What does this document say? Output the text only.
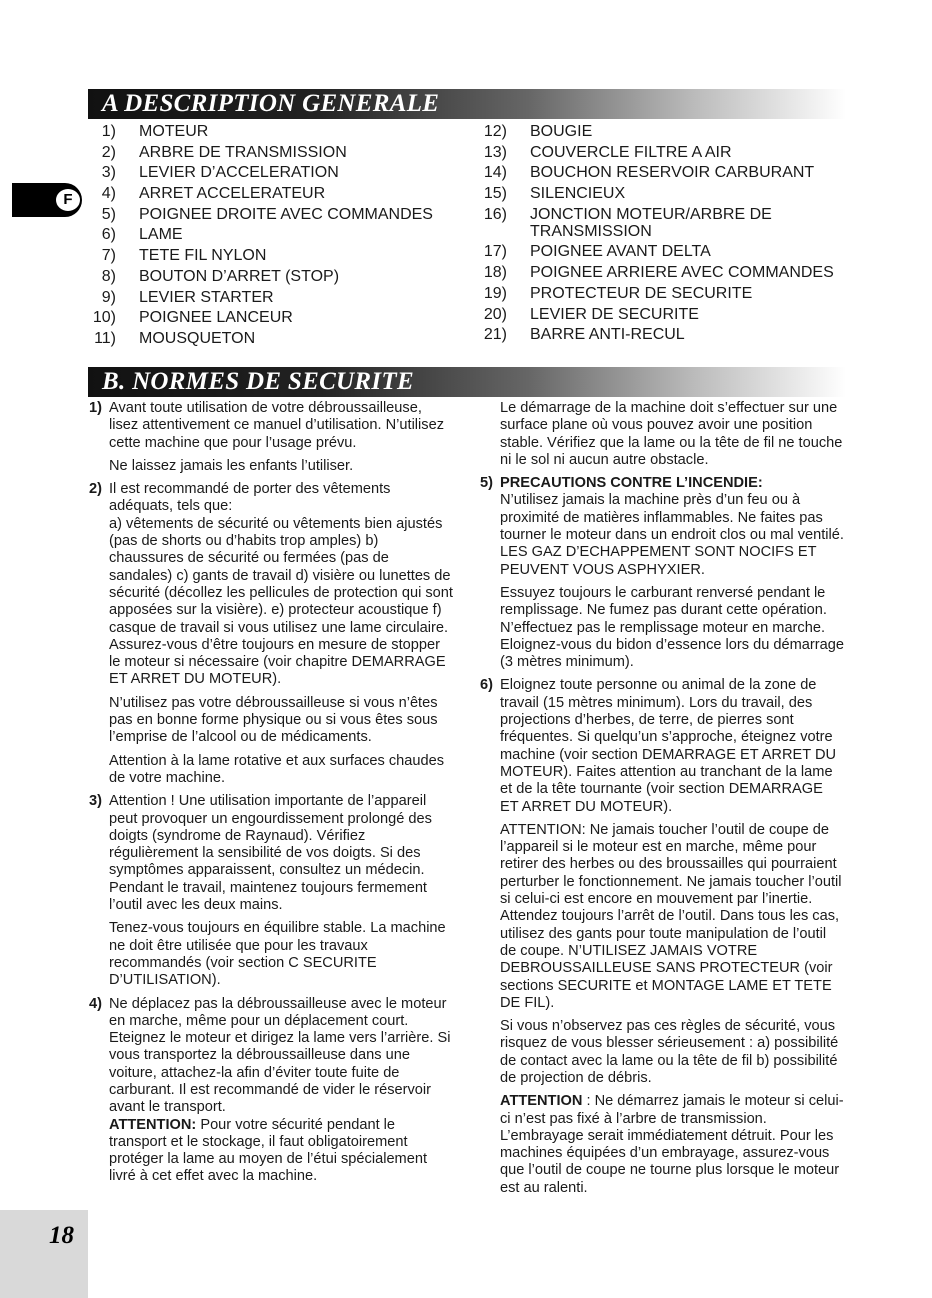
A DESCRIPTION GENERALE
F
1) MOTEUR
2) ARBRE DE TRANSMISSION
3) LEVIER D’ACCELERATION
4) ARRET ACCELERATEUR
5) POIGNEE DROITE AVEC COMMANDES
6) LAME
7) TETE FIL NYLON
8) BOUTON D’ARRET (STOP)
9) LEVIER STARTER
10) POIGNEE LANCEUR
11) MOUSQUETON
12) BOUGIE
13) COUVERCLE FILTRE A AIR
14) BOUCHON RESERVOIR CARBURANT
15) SILENCIEUX
16) JONCTION MOTEUR/ARBRE DE TRANSMISSION
17) POIGNEE AVANT DELTA
18) POIGNEE ARRIERE AVEC COMMANDES
19) PROTECTEUR DE SECURITE
20) LEVIER DE SECURITE
21) BARRE ANTI-RECUL
B. NORMES DE SECURITE
1) Avant toute utilisation de votre débroussailleuse, lisez attentivement ce manuel d’utilisation. N’utilisez cette machine que pour l’usage prévu.

Ne laissez jamais les enfants l’utiliser.

2) Il est recommandé de porter des vêtements adéquats, tels que:

a) vêtements de sécurité ou vêtements bien ajustés (pas de shorts ou d’habits trop amples) b) chaussures de sécurité ou fermées (pas de sandales) c) gants de travail d) visière ou lunettes de sécurité (décollez les pellicules de protection qui sont apposées sur la visière). e) protecteur acoustique f) casque de travail si vous utilisez une lame circulaire. Assurez-vous d’être toujours en mesure de stopper le moteur si nécessaire (voir chapitre DEMARRAGE ET ARRET DU MOTEUR).

N’utilisez pas votre débroussailleuse si vous n’êtes pas en bonne forme physique ou si vous êtes sous l’emprise de l’alcool ou de médicaments.

Attention à la lame rotative et aux surfaces chaudes de votre machine.

3) Attention ! Une utilisation importante de l’appareil peut provoquer un engourdissement prolongé des doigts (syndrome de Raynaud). Vérifiez régulièrement la sensibilité de vos doigts. Si des symptômes apparaissent, consultez un médecin. Pendant le travail, maintenez toujours fermement l’outil avec les deux mains.

Tenez-vous toujours en équilibre stable. La machine ne doit être utilisée que pour les travaux recommandés (voir section C SECURITE D’UTILISATION).

4) Ne déplacez pas la débroussailleuse avec le moteur en marche, même pour un déplacement court. Eteignez le moteur et dirigez la lame vers l’arrière. Si vous transportez la débroussailleuse dans une voiture, attachez-la afin d’éviter toute fuite de carburant. Il est recommandé de vider le réservoir avant le transport.

ATTENTION: Pour votre sécurité pendant le transport et le stockage, il faut obligatoirement protéger la lame au moyen de l’étui spécialement livré à cet effet avec la machine.

Le démarrage de la machine doit s’effectuer sur une surface plane où vous pouvez avoir une position stable. Vérifiez que la lame ou la tête de fil ne touche ni le sol ni aucun autre obstacle.

5) PRECAUTIONS CONTRE L’INCENDIE:

N’utilisez jamais la machine près d’un feu ou à proximité de matières inflammables. Ne faites pas tourner le moteur dans un endroit clos ou mal ventilé. LES GAZ D’ECHAPPEMENT SONT NOCIFS ET PEUVENT VOUS ASPHYXIER.

Essuyez toujours le carburant renversé pendant le remplissage. Ne fumez pas durant cette opération. N’effectuez pas le remplissage moteur en marche. Eloignez-vous du bidon d’essence lors du démarrage (3 mètres minimum).

6) Eloignez toute personne ou animal de la zone de travail (15 mètres minimum). Lors du travail, des projections d’herbes, de terre, de pierres sont fréquentes. Si quelqu’un s’approche, éteignez votre machine (voir section DEMARRAGE ET ARRET DU MOTEUR). Faites attention au tranchant de la lame et de la tête tournante (voir section DEMARRAGE ET ARRET DU MOTEUR).

ATTENTION: Ne jamais toucher l’outil de coupe de l’appareil si le moteur est en marche, même pour retirer des herbes ou des broussailles qui pourraient perturber le fonctionnement. Ne jamais toucher l’outil si celui-ci est encore en mouvement par l’inertie. Attendez toujours l’arrêt de l’outil. Dans tous les cas, utilisez des gants pour toute manipulation de l’outil de coupe. N’UTILISEZ JAMAIS VOTRE DEBROUSSAILLEUSE SANS PROTECTEUR (voir sections SECURITE et MONTAGE LAME ET TETE DE FIL).

Si vous n’observez pas ces règles de sécurité, vous risquez de vous blesser sérieusement : a) possibilité de contact avec la lame ou la tête de fil b) possibilité de projection de débris.

ATTENTION : Ne démarrez jamais le moteur si celui-ci n’est pas fixé à l’arbre de transmission. L’embrayage serait immédiatement détruit. Pour les machines équipées d’un embrayage, assurez-vous que l’outil de coupe ne tourne plus lorsque le moteur est au ralenti.

18
